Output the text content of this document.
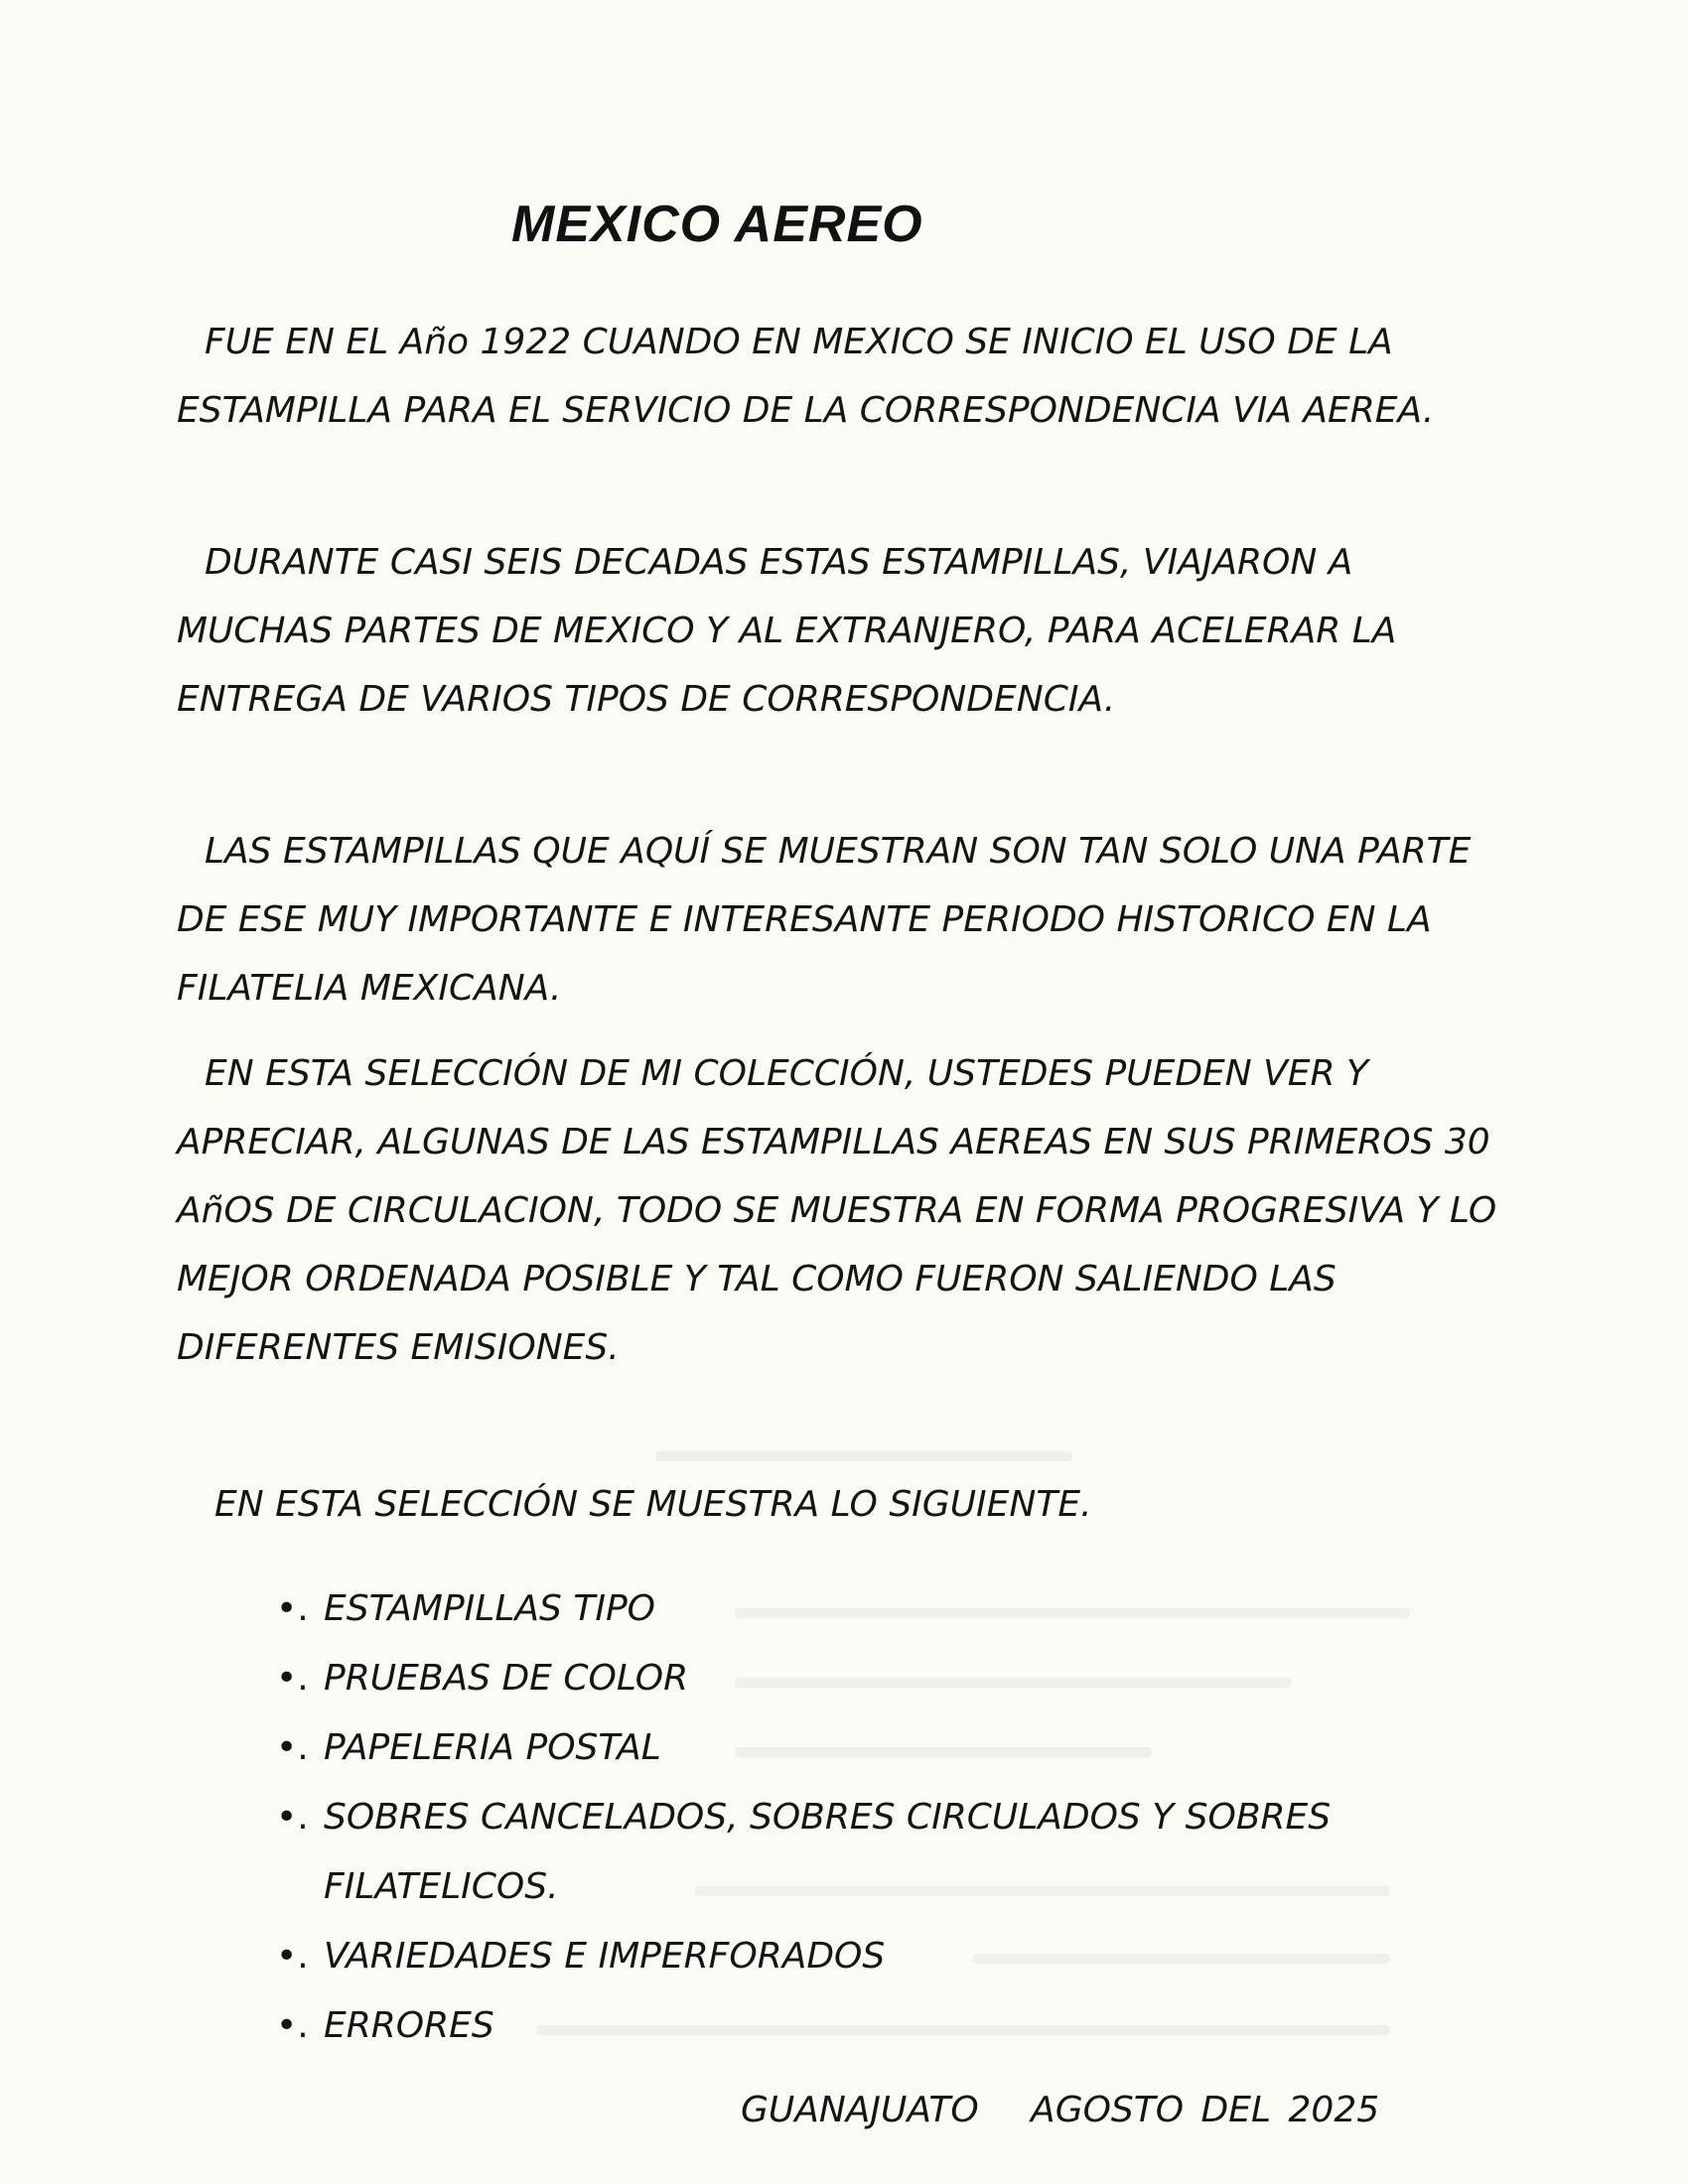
MEXICO AEREO

FUE EN EL Año 1922 CUANDO EN MEXICO SE INICIO EL USO DE LA ESTAMPILLA PARA EL SERVICIO DE LA CORRESPONDENCIA VIA AEREA.

DURANTE CASI SEIS DECADAS ESTAS ESTAMPILLAS, VIAJARON A MUCHAS PARTES DE MEXICO Y AL EXTRANJERO, PARA ACELERAR LA ENTREGA DE VARIOS TIPOS DE CORRESPONDENCIA.

LAS ESTAMPILLAS QUE AQUÍ SE MUESTRAN SON TAN SOLO UNA PARTE DE ESE MUY IMPORTANTE E INTERESANTE PERIODO HISTORICO EN LA FILATELIA MEXICANA.

EN ESTA SELECCIÓN DE MI COLECCIÓN, USTEDES PUEDEN VER Y APRECIAR, ALGUNAS DE LAS ESTAMPILLAS AEREAS EN SUS PRIMEROS 30 AñOS DE CIRCULACION, TODO SE MUESTRA EN FORMA PROGRESIVA Y LO MEJOR ORDENADA POSIBLE Y TAL COMO FUERON SALIENDO LAS DIFERENTES EMISIONES.

EN ESTA SELECCIÓN SE MUESTRA LO SIGUIENTE.
•. ESTAMPILLAS TIPO
•. PRUEBAS DE COLOR
•. PAPELERIA POSTAL
•. SOBRES CANCELADOS, SOBRES CIRCULADOS Y SOBRES FILATELICOS.
•. VARIEDADES E IMPERFORADOS
•. ERRORES
GUANAJUATO   AGOSTO DEL 2025
